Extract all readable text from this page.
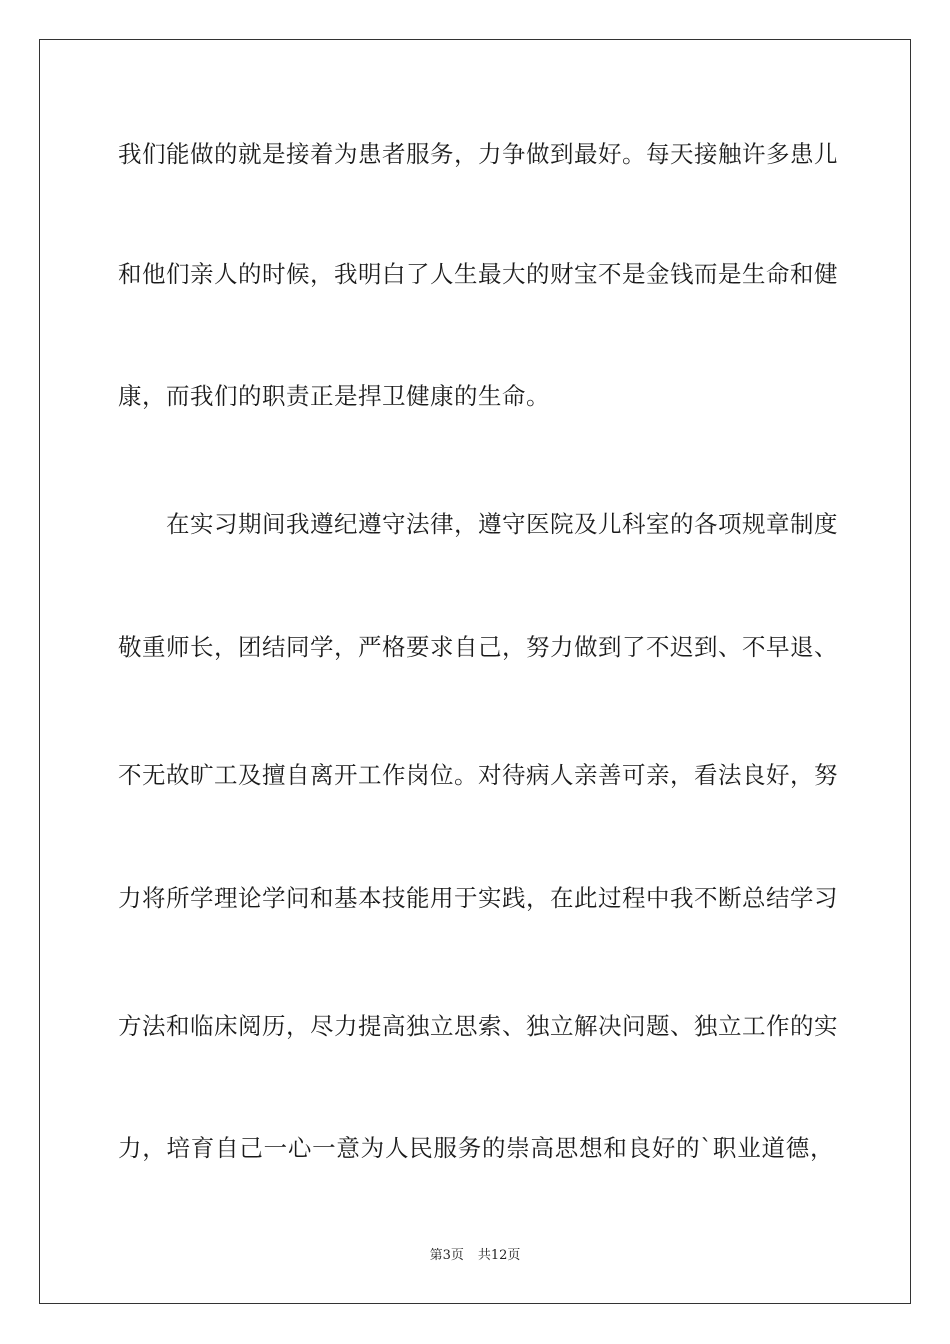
我们能做的就是接着为患者服务，力争做到最好。每天接触许多患儿
和他们亲人的时候，我明白了人生最大的财宝不是金钱而是生命和健
康，而我们的职责正是捍卫健康的生命。
在实习期间我遵纪遵守法律，遵守医院及儿科室的各项规章制度
敬重师长，团结同学，严格要求自己，努力做到了不迟到、不早退、
不无故旷工及擅自离开工作岗位。对待病人亲善可亲，看法良好，努
力将所学理论学问和基本技能用于实践，在此过程中我不断总结学习
方法和临床阅历，尽力提高独立思索、独立解决问题、独立工作的实
力，培育自己一心一意为人民服务的崇高思想和良好的`职业道德，
第3页 共12页
